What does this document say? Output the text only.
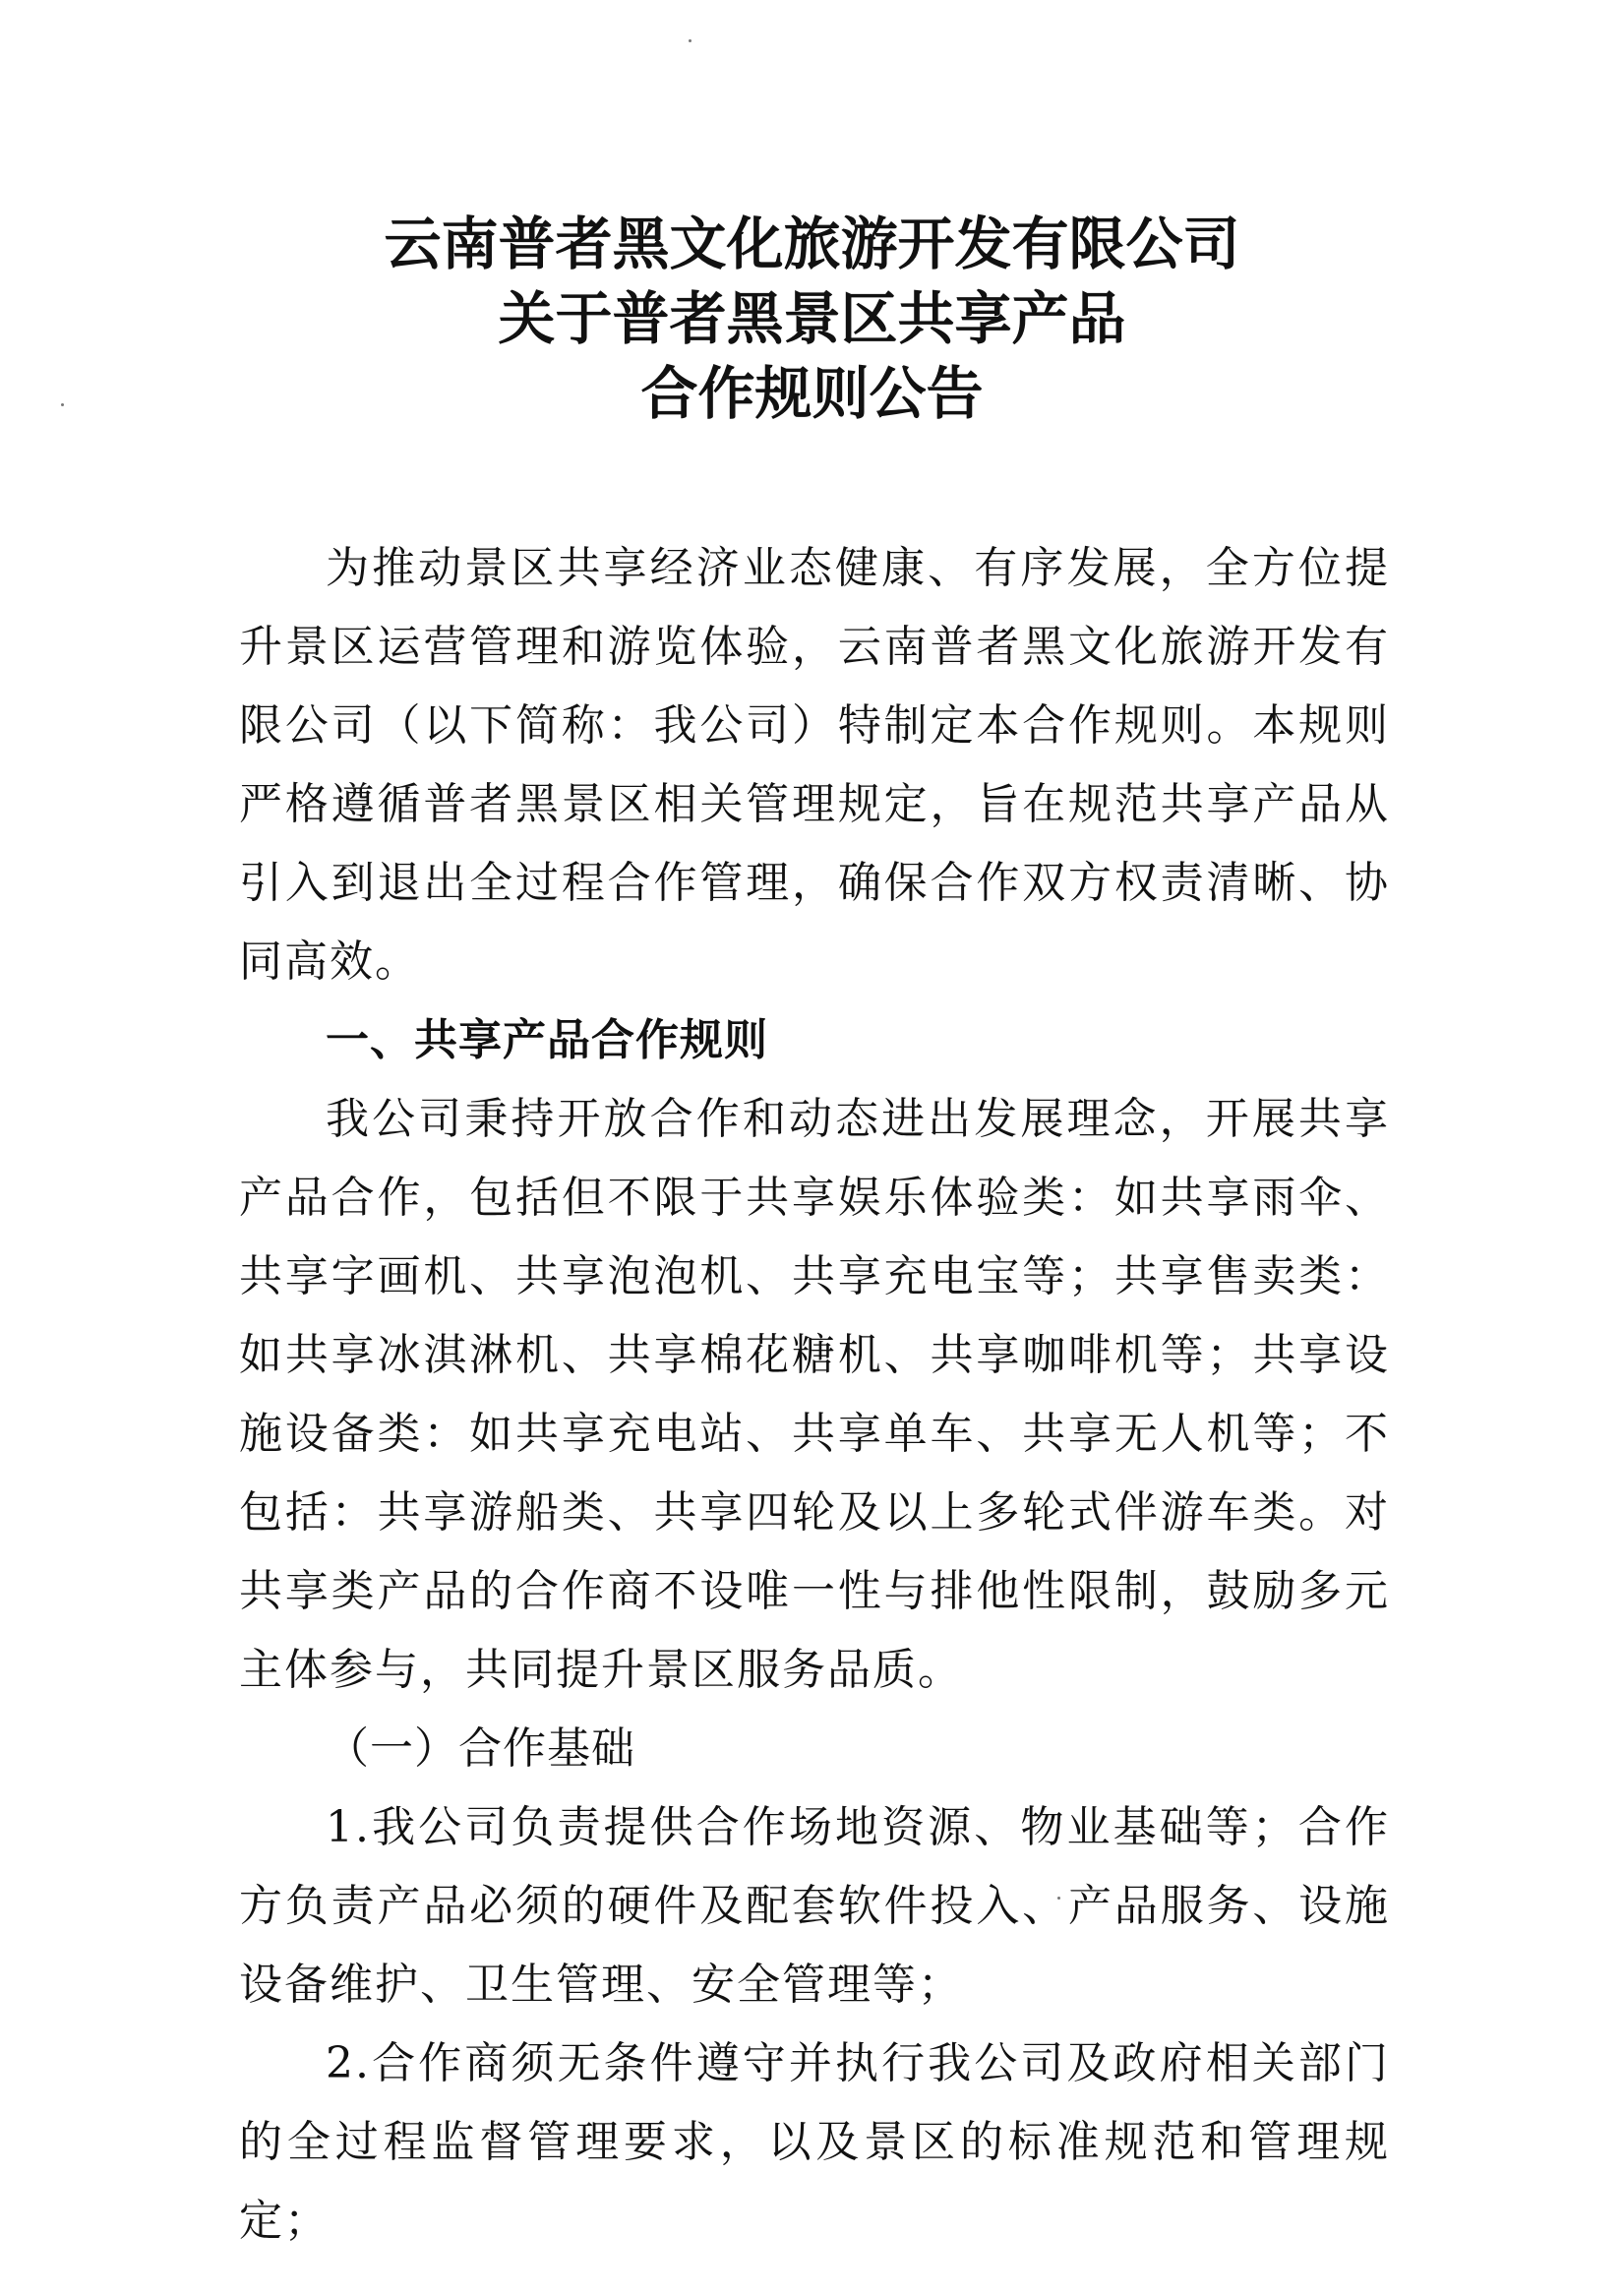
云南普者黑文化旅游开发有限公司
关于普者黑景区共享产品
合作规则公告

为推动景区共享经济业态健康、有序发展，全方位提升景区运营管理和游览体验，云南普者黑文化旅游开发有限公司（以下简称：我公司）特制定本合作规则。本规则严格遵循普者黑景区相关管理规定，旨在规范共享产品从引入到退出全过程合作管理，确保合作双方权责清晰、协同高效。

一、共享产品合作规则

我公司秉持开放合作和动态进出发展理念，开展共享产品合作，包括但不限于共享娱乐体验类：如共享雨伞、共享字画机、共享泡泡机、共享充电宝等；共享售卖类：如共享冰淇淋机、共享棉花糖机、共享咖啡机等；共享设施设备类：如共享充电站、共享单车、共享无人机等；不包括：共享游船类、共享四轮及以上多轮式伴游车类。对共享类产品的合作商不设唯一性与排他性限制，鼓励多元主体参与，共同提升景区服务品质。

（一）合作基础

1.我公司负责提供合作场地资源、物业基础等；合作方负责产品必须的硬件及配套软件投入、产品服务、设施设备维护、卫生管理、安全管理等；

2.合作商须无条件遵守并执行我公司及政府相关部门的全过程监督管理要求，以及景区的标准规范和管理规定；
